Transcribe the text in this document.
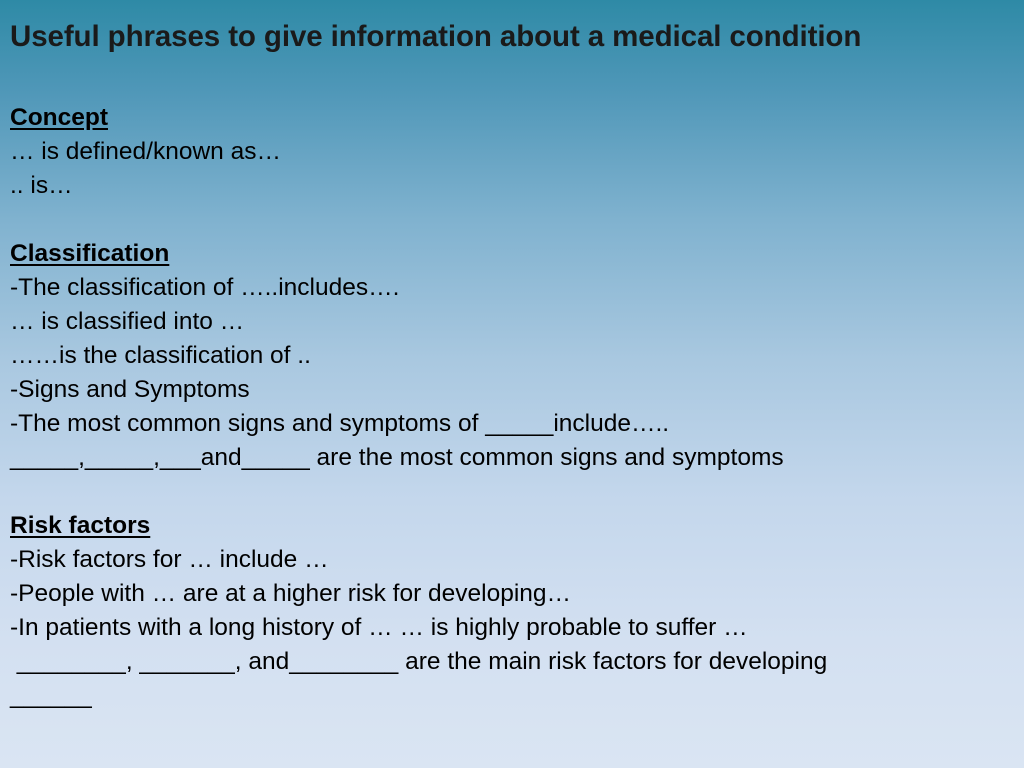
Useful phrases to give information about a medical condition
Concept
… is defined/known as…
.. is…
Classification
-The classification of …..includes….
… is classified into …
……is the classification of ..
-Signs and Symptoms
-The most common signs and symptoms of _____include…..
_____,_____,___and_____ are the most common signs and symptoms
Risk factors
-Risk factors for … include …
-People with … are at a higher risk for developing…
-In patients with a long history of … … is highly probable to suffer …
________, _______, and________ are the main risk factors for developing
______
